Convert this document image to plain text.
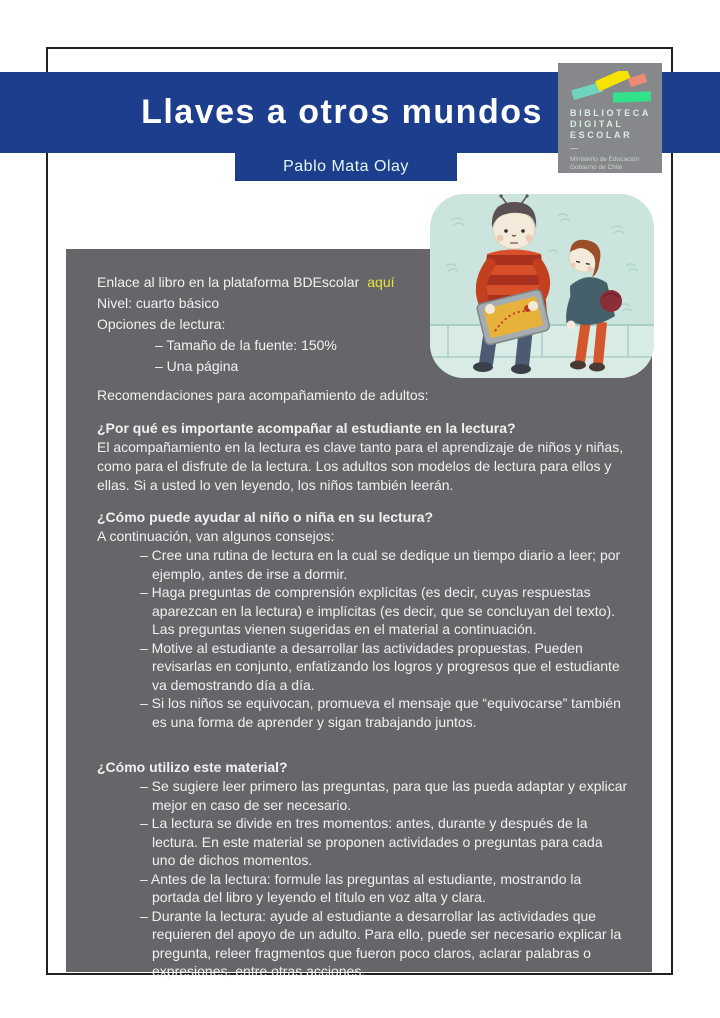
Llaves a otros mundos
Pablo Mata Olay
BIBLIOTECA
DIGITAL
ESCOLAR
—
Ministerio de Educación
Gobierno de Chile
Enlace al libro en la plataforma BDEscolar aquí
Nivel: cuarto básico
Opciones de lectura:
– Tamaño de la fuente: 150%
– Una página
Recomendaciones para acompañamiento de adultos:
¿Por qué es importante acompañar al estudiante en la lectura?
El acompañamiento en la lectura es clave tanto para el aprendizaje de niños y niñas, como para el disfrute de la lectura. Los adultos son modelos de lectura para ellos y ellas. Si a usted lo ven leyendo, los niños también leerán.
¿Cómo puede ayudar al niño o niña en su lectura?
A continuación, van algunos consejos:
– Cree una rutina de lectura en la cual se dedique un tiempo diario a leer; por ejemplo, antes de irse a dormir.
– Haga preguntas de comprensión explícitas (es decir, cuyas respuestas aparezcan en la lectura) e implícitas (es decir, que se concluyan del texto). Las preguntas vienen sugeridas en el material a continuación.
– Motive al estudiante a desarrollar las actividades propuestas. Pueden revisarlas en conjunto, enfatizando los logros y progresos que el estudiante va demostrando día a día.
– Si los niños se equivocan, promueva el mensaje que “equivocarse” también es una forma de aprender y sigan trabajando juntos.
¿Cómo utilizo este material?
– Se sugiere leer primero las preguntas, para que las pueda adaptar y explicar mejor en caso de ser necesario.
– La lectura se divide en tres momentos: antes, durante y después de la lectura. En este material se proponen actividades o preguntas para cada uno de dichos momentos.
– Antes de la lectura: formule las preguntas al estudiante, mostrando la portada del libro y leyendo el título en voz alta y clara.
– Durante la lectura: ayude al estudiante a desarrollar las actividades que requieren del apoyo de un adulto. Para ello, puede ser necesario explicar la pregunta, releer fragmentos que fueron poco claros, aclarar palabras o expresiones, entre otras acciones.
